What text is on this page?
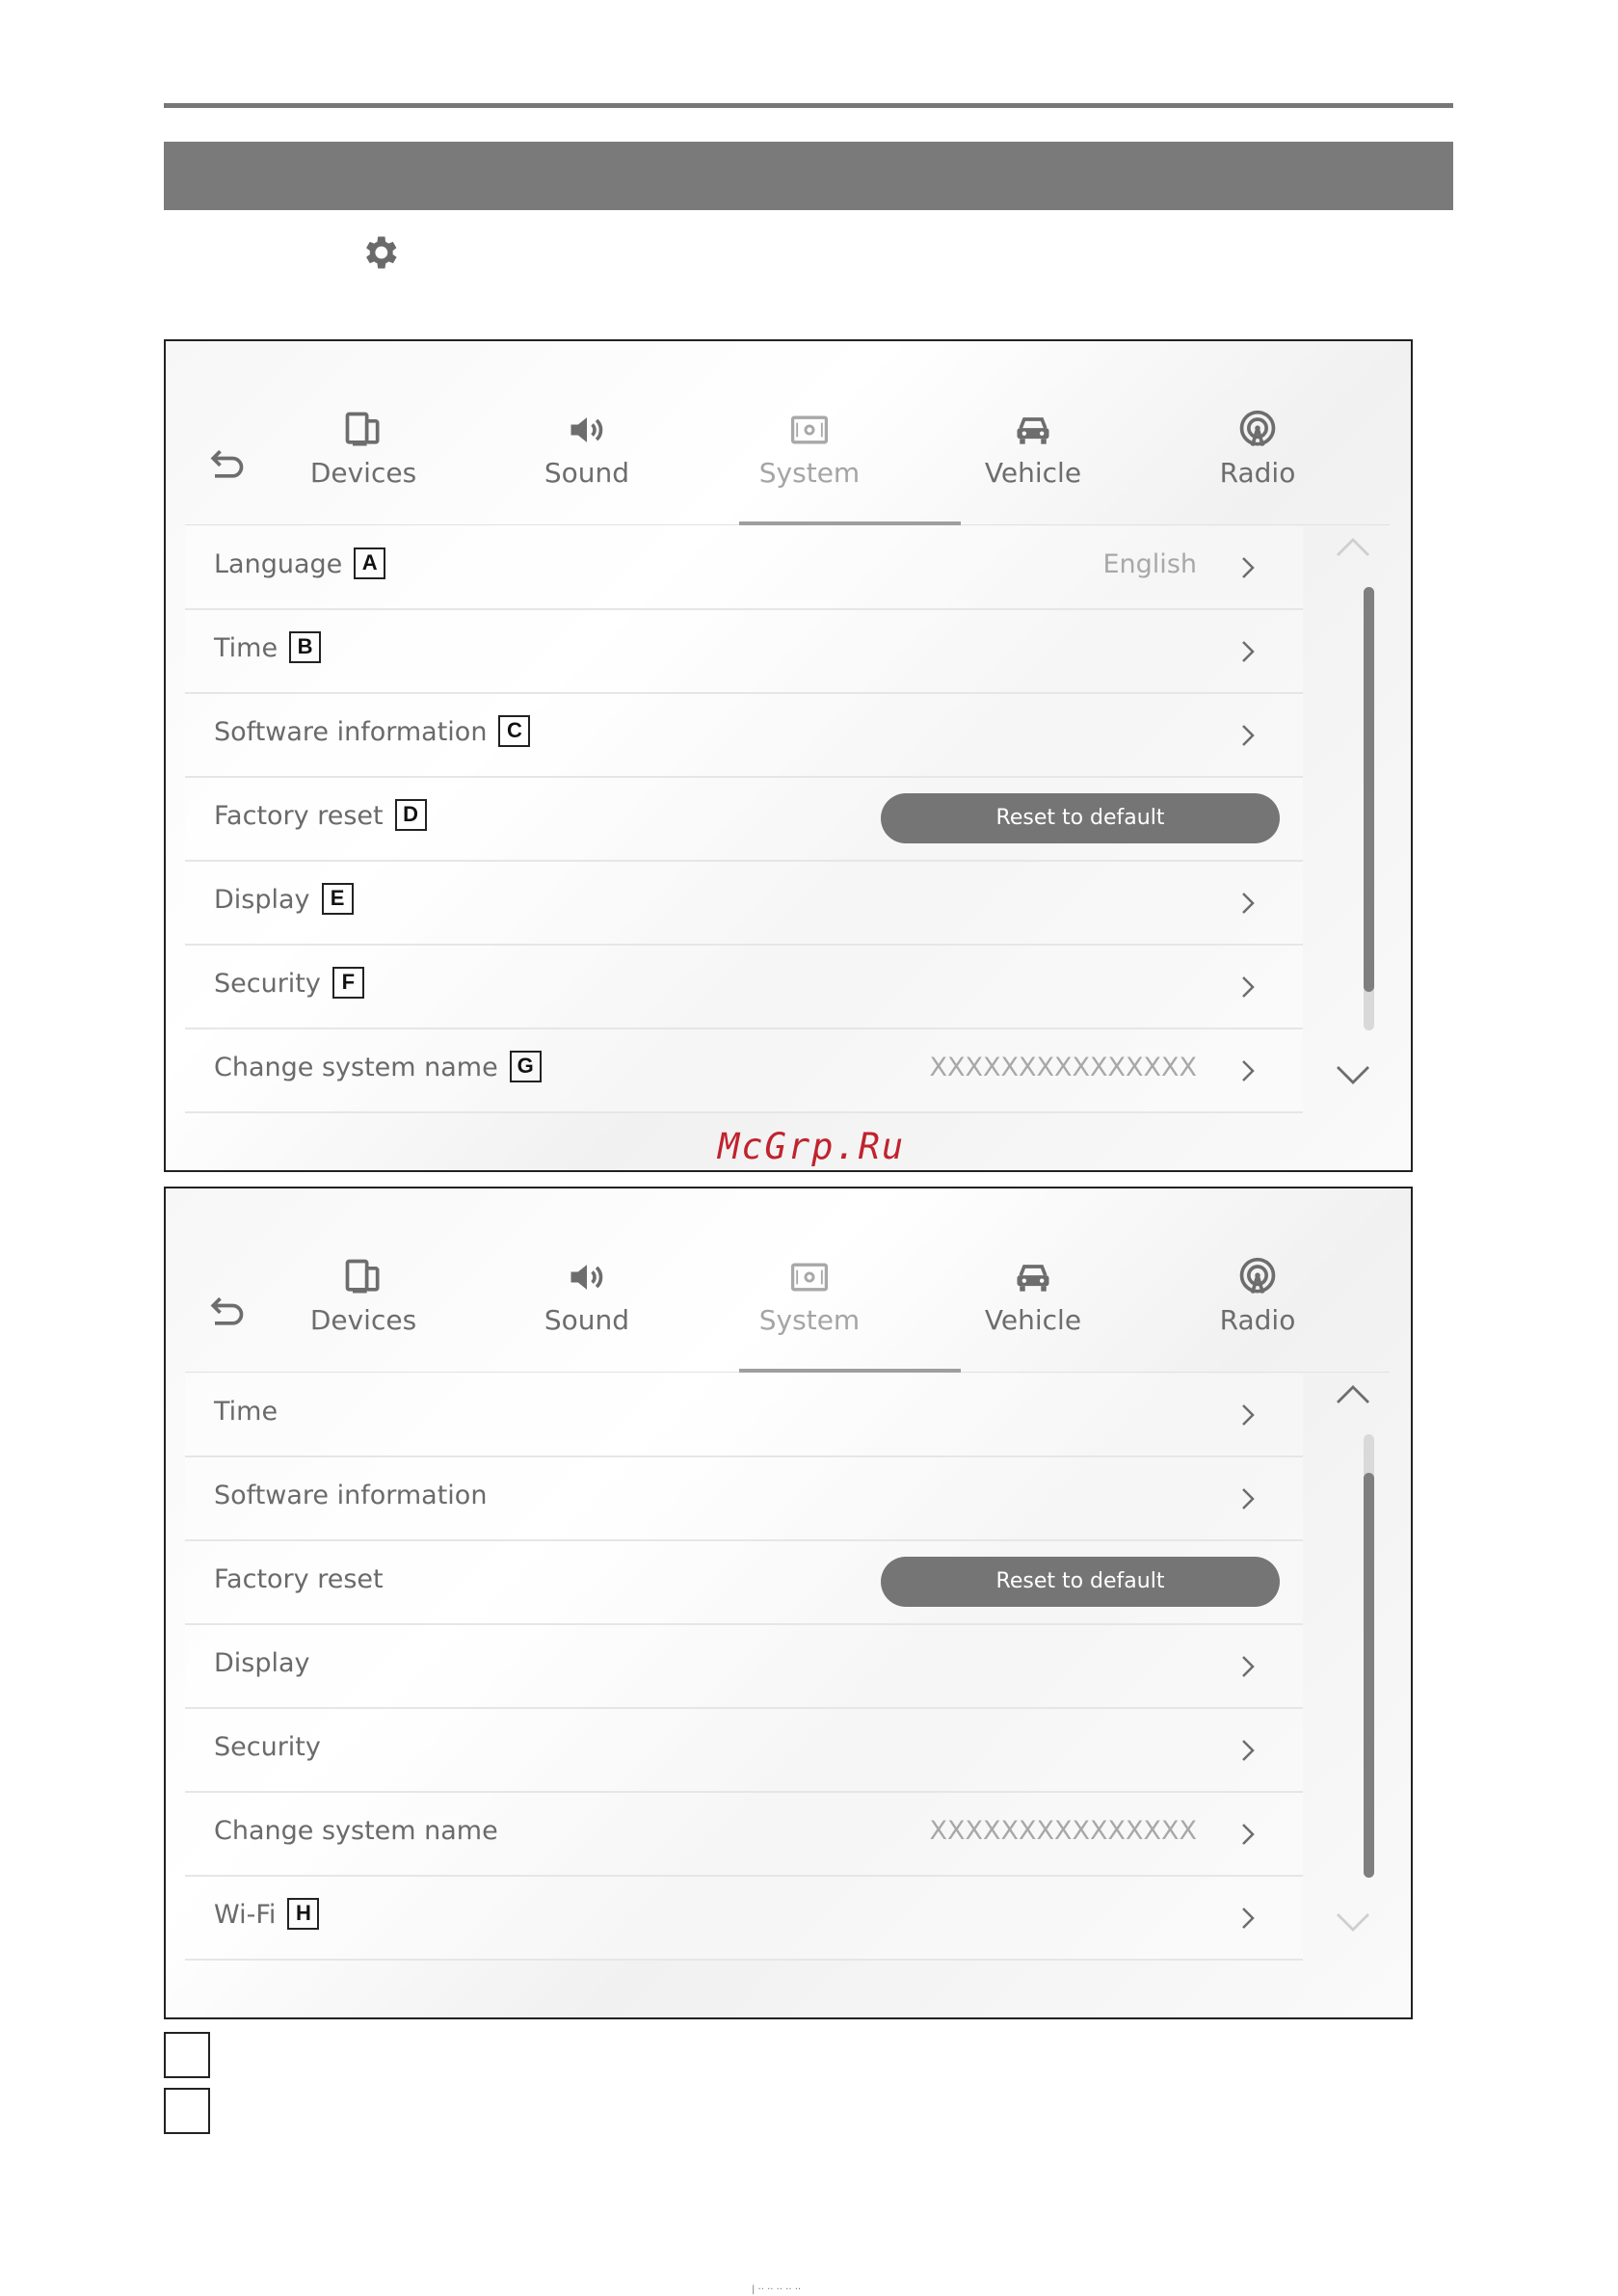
Devices	Sound	System	Vehicle	Radio
Language A	English
Time B
Software information C
Factory reset D	Reset to default
Display E
Security F
Change system name G	XXXXXXXXXXXXXXX
Devices	Sound	System	Vehicle	Radio
Time
Software information
Factory reset	Reset to default
Display
Security
Change system name	XXXXXXXXXXXXXXX
Wi-Fi H
McGrp.Ru
| ·· ·· ·· ·· ··
